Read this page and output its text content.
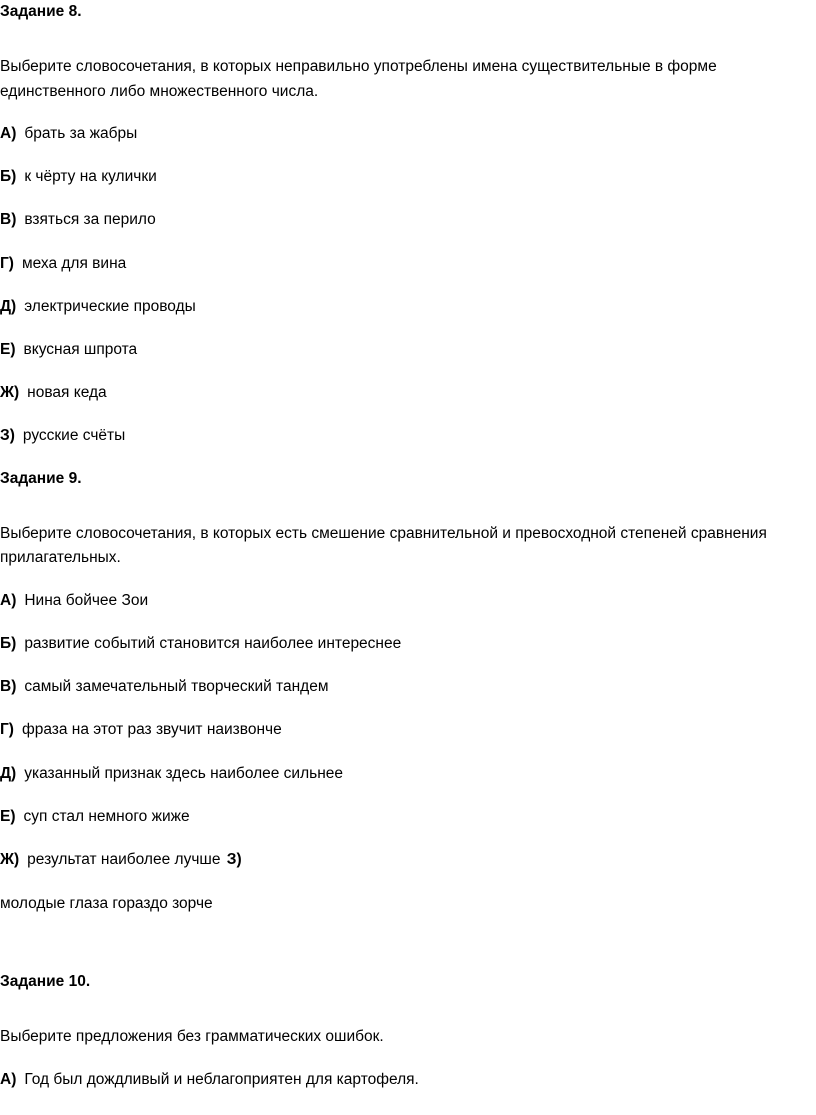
Задание 8.
Выберите словосочетания, в которых неправильно употреблены имена существительные в форме
единственного либо множественного числа.
А) брать за жабры
Б) к чёрту на кулички
В) взяться за перило
Г) меха для вина
Д) электрические проводы
Е) вкусная шпрота
Ж) новая кеда
З) русские счёты
Задание 9.
Выберите словосочетания, в которых есть смешение сравнительной и превосходной степеней сравнения
прилагательных.
А) Нина бойчее Зои
Б) развитие событий становится наиболее интереснее
В) самый замечательный творческий тандем
Г) фраза на этот раз звучит наизвонче
Д) указанный признак здесь наиболее сильнее
Е) суп стал немного жиже
Ж) результат наиболее лучше З)
молодые глаза гораздо зорче
Задание 10.
Выберите предложения без грамматических ошибок.
А) Год был дождливый и неблагоприятен для картофеля.
